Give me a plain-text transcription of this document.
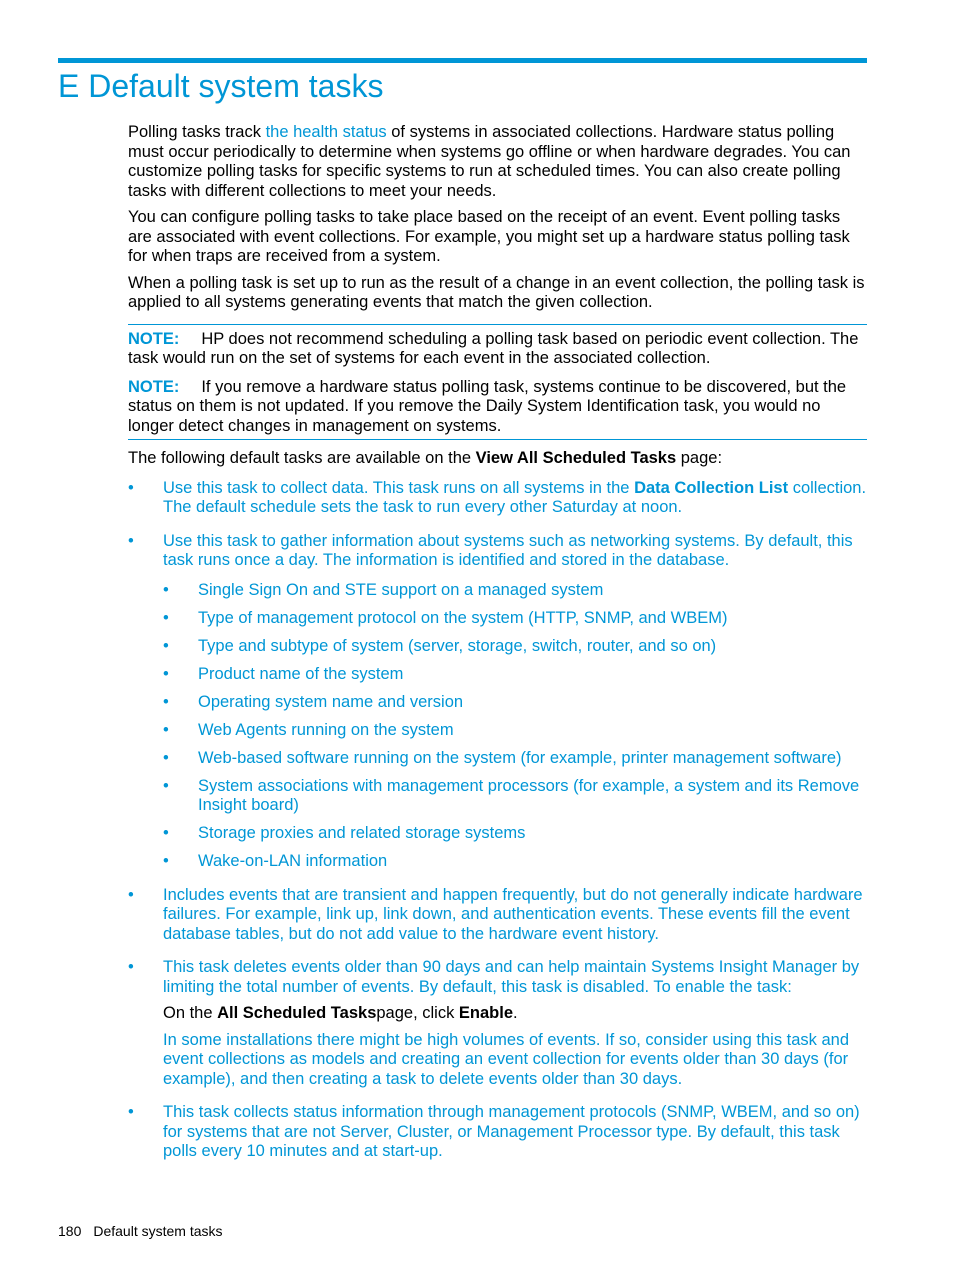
E Default system tasks

Polling tasks track the health status of systems in associated collections. Hardware status polling must occur periodically to determine when systems go offline or when hardware degrades. You can customize polling tasks for specific systems to run at scheduled times. You can also create polling tasks with different collections to meet your needs.

You can configure polling tasks to take place based on the receipt of an event. Event polling tasks are associated with event collections. For example, you might set up a hardware status polling task for when traps are received from a system.

When a polling task is set up to run as the result of a change in an event collection, the polling task is applied to all systems generating events that match the given collection.

NOTE: HP does not recommend scheduling a polling task based on periodic event collection. The task would run on the set of systems for each event in the associated collection.

NOTE: If you remove a hardware status polling task, systems continue to be discovered, but the status on them is not updated. If you remove the Daily System Identification task, you would no longer detect changes in management on systems.

The following default tasks are available on the View All Scheduled Tasks page:

• Use this task to collect data. This task runs on all systems in the Data Collection List collection. The default schedule sets the task to run every other Saturday at noon.
• Use this task to gather information about systems such as networking systems. By default, this task runs once a day. The information is identified and stored in the database.
• Single Sign On and STE support on a managed system
• Type of management protocol on the system (HTTP, SNMP, and WBEM)
• Type and subtype of system (server, storage, switch, router, and so on)
• Product name of the system
• Operating system name and version
• Web Agents running on the system
• Web-based software running on the system (for example, printer management software)
• System associations with management processors (for example, a system and its Remove Insight board)
• Storage proxies and related storage systems
• Wake-on-LAN information
• Includes events that are transient and happen frequently, but do not generally indicate hardware failures. For example, link up, link down, and authentication events. These events fill the event database tables, but do not add value to the hardware event history.
• This task deletes events older than 90 days and can help maintain Systems Insight Manager by limiting the total number of events. By default, this task is disabled. To enable the task:

On the All Scheduled Taskspage, click Enable.

In some installations there might be high volumes of events. If so, consider using this task and event collections as models and creating an event collection for events older than 30 days (for example), and then creating a task to delete events older than 30 days.

• This task collects status information through management protocols (SNMP, WBEM, and so on) for systems that are not Server, Cluster, or Management Processor type. By default, this task polls every 10 minutes and at start-up.
180 Default system tasks
